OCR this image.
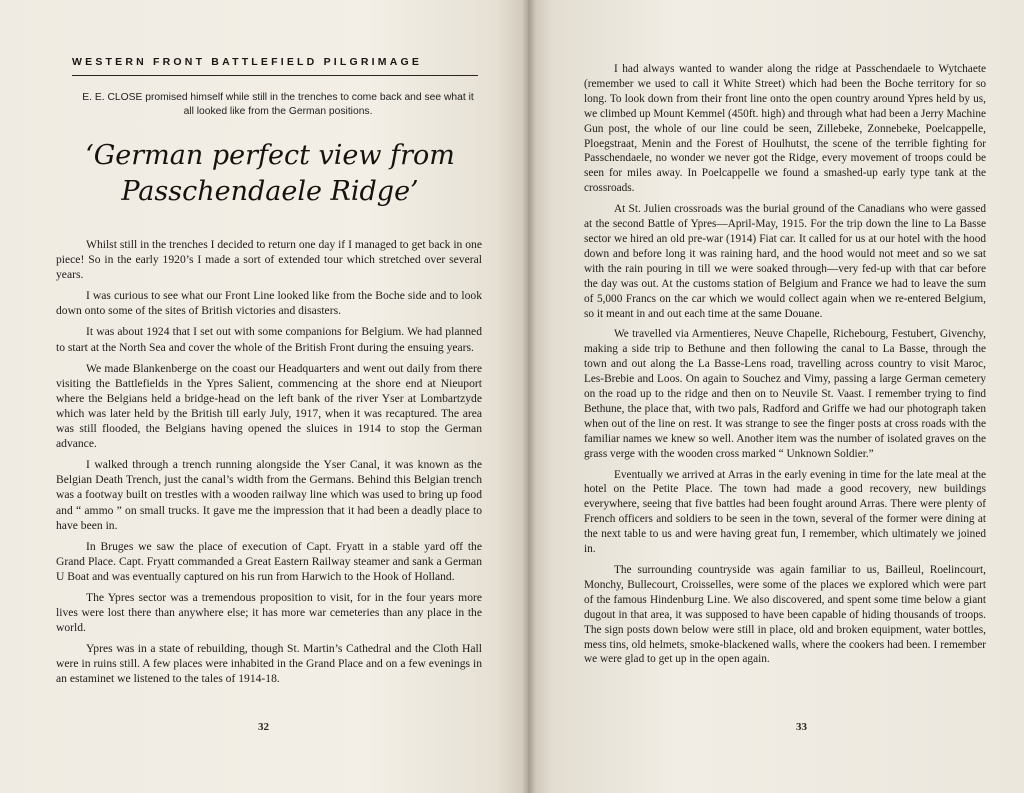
WESTERN FRONT BATTLEFIELD PILGRIMAGE
E. E. CLOSE promised himself while still in the trenches to come back and see what it all looked like from the German positions.
‘German perfect view from Passchendaele Ridge’

Whilst still in the trenches I decided to return one day if I managed to get back in one piece! So in the early 1920’s I made a sort of extended tour which stretched over several years.

I was curious to see what our Front Line looked like from the Boche side and to look down onto some of the sites of British victories and disasters.

It was about 1924 that I set out with some companions for Belgium. We had planned to start at the North Sea and cover the whole of the British Front during the ensuing years.

We made Blankenberge on the coast our Headquarters and went out daily from there visiting the Battlefields in the Ypres Salient, commencing at the shore end at Nieuport where the Belgians held a bridge-head on the left bank of the river Yser at Lombartzyde which was later held by the British till early July, 1917, when it was recaptured. The area was still flooded, the Belgians having opened the sluices in 1914 to stop the German advance.

I walked through a trench running alongside the Yser Canal, it was known as the Belgian Death Trench, just the canal’s width from the Germans. Behind this Belgian trench was a footway built on trestles with a wooden railway line which was used to bring up food and “ ammo ” on small trucks. It gave me the impression that it had been a deadly place to have been in.

In Bruges we saw the place of execution of Capt. Fryatt in a stable yard off the Grand Place. Capt. Fryatt commanded a Great Eastern Railway steamer and sank a German U Boat and was eventually captured on his run from Harwich to the Hook of Holland.

The Ypres sector was a tremendous proposition to visit, for in the four years more lives were lost there than anywhere else; it has more war cemeteries than any place in the world.

Ypres was in a state of rebuilding, though St. Martin’s Cathedral and the Cloth Hall were in ruins still. A few places were inhabited in the Grand Place and on a few evenings in an estaminet we listened to the tales of 1914-18.

32

I had always wanted to wander along the ridge at Passchendaele to Wytchaete (remember we used to call it White Street) which had been the Boche territory for so long. To look down from their front line onto the open country around Ypres held by us, we climbed up Mount Kemmel (450ft. high) and through what had been a Jerry Machine Gun post, the whole of our line could be seen, Zillebeke, Zonnebeke, Poelcappelle, Ploegstraat, Menin and the Forest of Houlhutst, the scene of the terrible fighting for Passchendaele, no wonder we never got the Ridge, every movement of troops could be seen for miles away. In Poelcappelle we found a smashed-up early type tank at the crossroads.

At St. Julien crossroads was the burial ground of the Canadians who were gassed at the second Battle of Ypres—April-May, 1915. For the trip down the line to La Basse sector we hired an old pre-war (1914) Fiat car. It called for us at our hotel with the hood down and before long it was raining hard, and the hood would not meet and so we sat with the rain pouring in till we were soaked through—very fed-up with that car before the day was out. At the customs station of Belgium and France we had to leave the sum of 5,000 Francs on the car which we would collect again when we re-entered Belgium, so it meant in and out each time at the same Douane.

We travelled via Armentieres, Neuve Chapelle, Richebourg, Festubert, Givenchy, making a side trip to Bethune and then following the canal to La Basse, through the town and out along the La Basse-Lens road, travelling across country to visit Maroc, Les-Brebie and Loos. On again to Souchez and Vimy, passing a large German cemetery on the road up to the ridge and then on to Neuvile St. Vaast. I remember trying to find Bethune, the place that, with two pals, Radford and Griffe we had our photograph taken when out of the line on rest. It was strange to see the finger posts at cross roads with the familiar names we knew so well. Another item was the number of isolated graves on the grass verge with the wooden cross marked “ Unknown Soldier.”

Eventually we arrived at Arras in the early evening in time for the late meal at the hotel on the Petite Place. The town had made a good recovery, new buildings everywhere, seeing that five battles had been fought around Arras. There were plenty of French officers and soldiers to be seen in the town, several of the former were dining at the next table to us and were having great fun, I remember, which ultimately we joined in.

The surrounding countryside was again familiar to us, Bailleul, Roelincourt, Monchy, Bullecourt, Croisselles, were some of the places we explored which were part of the famous Hindenburg Line. We also discovered, and spent some time below a giant dugout in that area, it was supposed to have been capable of hiding thousands of troops. The sign posts down below were still in place, old and broken equipment, water bottles, mess tins, old helmets, smoke-blackened walls, where the cookers had been. I remember we were glad to get up in the open again.

33
